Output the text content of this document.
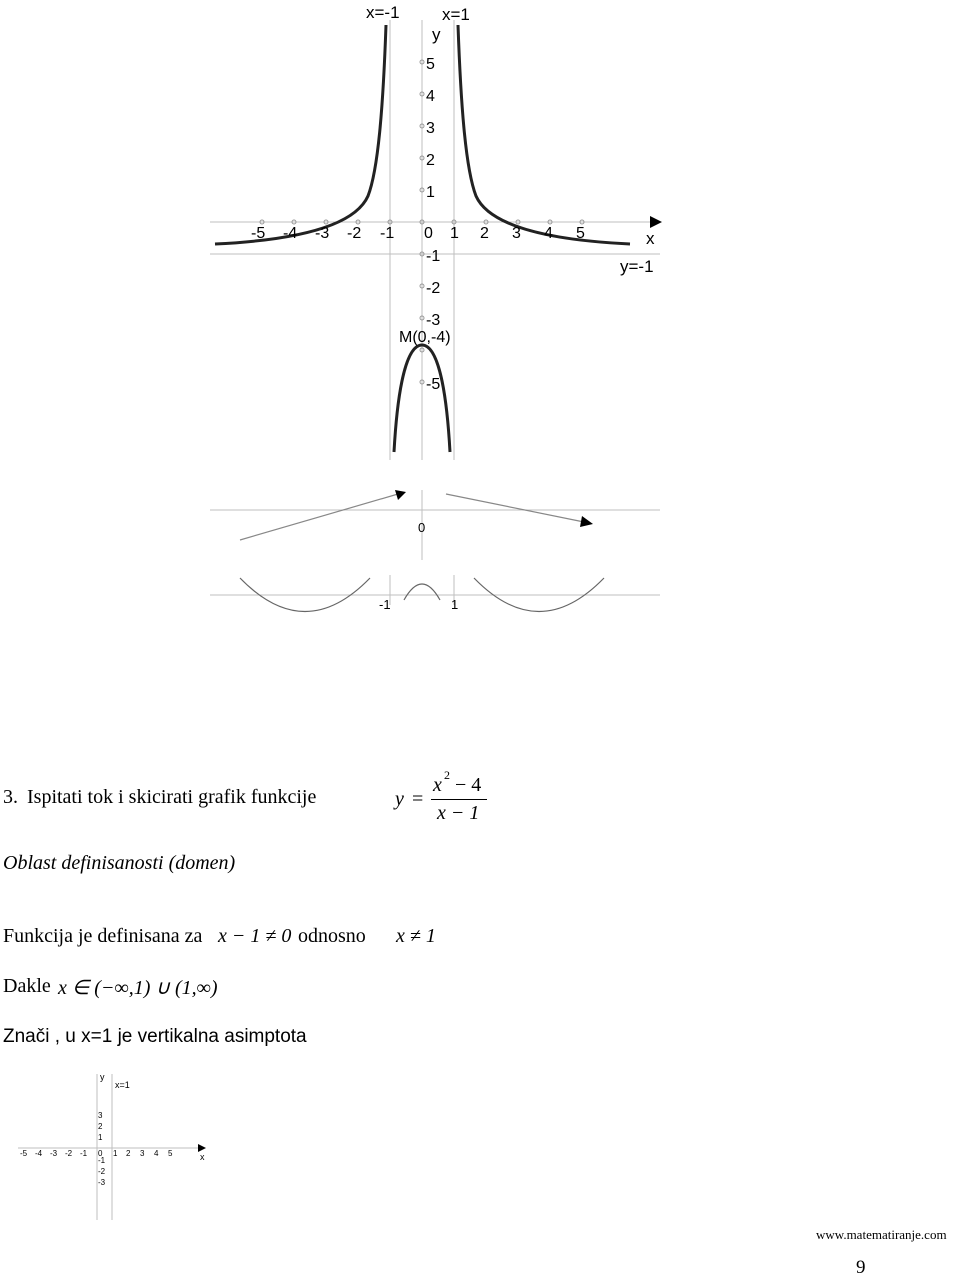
x=-1 x=1
y
x
y=-1
M(0,-4)
-5 -4 -3 -2 -1 0 1 2 3 4 5
5
4
3
2
1
-1
-2
-3
-5
0
-1	1
3. Ispitati tok i skicirati grafik funkcije	y =
x 2 − 4
x − 1
Oblast definisanosti (domen)
Funkcija je definisana za x − 1 ≠ 0 odnosno x ≠ 1
Dakle x ∈ (−∞,1) ∪ (1,∞)
Znači , u x=1 je vertikalna asimptota
y
x=1
x
-5 -4 -3 -2 -1 0 1 2 3 4 5
3
2
1
-1
-2
-3
www.matematiranje.com
9
